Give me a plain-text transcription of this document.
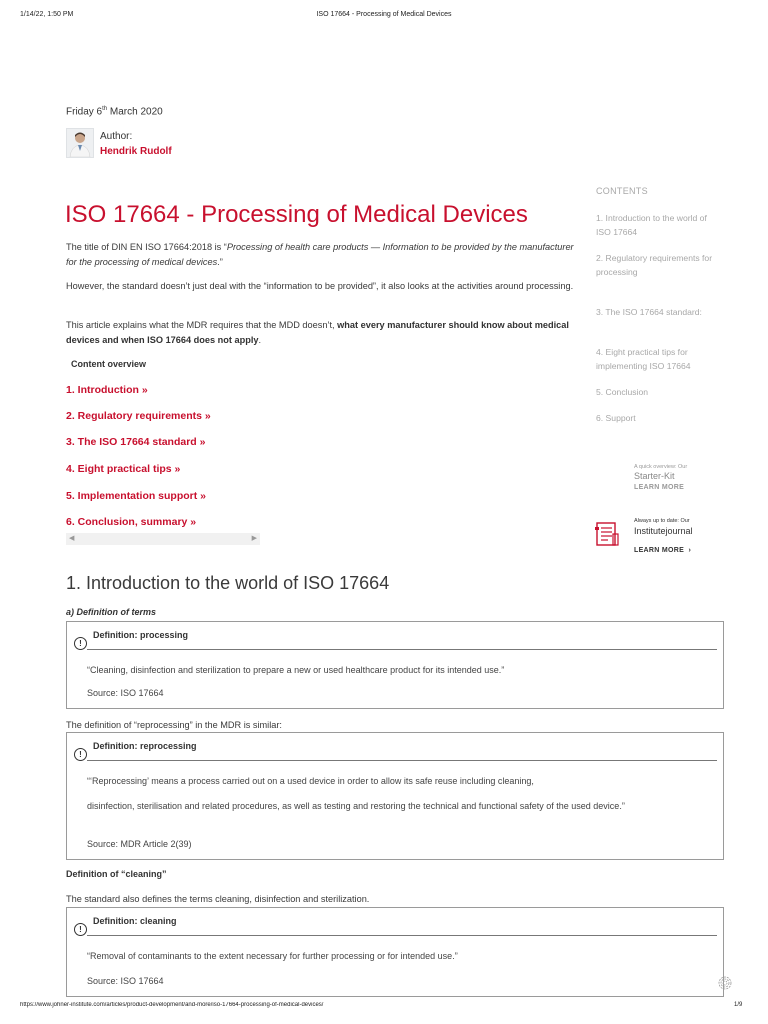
1/14/22, 1:50 PM	ISO 17664 - Processing of Medical Devices
Friday 6th March 2020
Author:
Hendrik Rudolf
ISO 17664 - Processing of Medical Devices
The title of DIN EN ISO 17664:2018 is “Processing of health care products — Information to be provided by the manufacturer for the processing of medical devices.”
However, the standard doesn’t just deal with the “information to be provided”, it also looks at the activities around processing.
This article explains what the MDR requires that the MDD doesn’t, what every manufacturer should know about medical devices and when ISO 17664 does not apply.
Content overview
1. Introduction »
2. Regulatory requirements »
3. The ISO 17664 standard »
4. Eight practical tips »
5. Implementation support »
6. Conclusion, summary »
◀	▶
CONTENTS
1. Introduction to the world of ISO 17664
2. Regulatory requirements for processing
3. The ISO 17664 standard:
4. Eight practical tips for implementing ISO 17664
5. Conclusion
6. Support
A quick overview: Our
Starter-Kit
LEARN MORE
Always up to date: Our
Institutejournal
LEARN MORE ›
1. Introduction to the world of ISO 17664
a) Definition of terms
!
Definition: processing
“Cleaning, disinfection and sterilization to prepare a new or used healthcare product for its intended use.”
Source: ISO 17664
The definition of “reprocessing” in the MDR is similar:
!
Definition: reprocessing
“‘Reprocessing’ means a process carried out on a used device in order to allow its safe reuse including cleaning,
disinfection, sterilisation and related procedures, as well as testing and restoring the technical and functional safety of the used device.”
Source: MDR Article 2(39)
Definition of “cleaning”
The standard also defines the terms cleaning, disinfection and sterilization.
!
Definition: cleaning
“Removal of contaminants to the extent necessary for further processing or for intended use.”
Source: ISO 17664
https://www.johner-institute.com/articles/product-development/and-more/iso-17664-processing-of-medical-devices/	1/9
